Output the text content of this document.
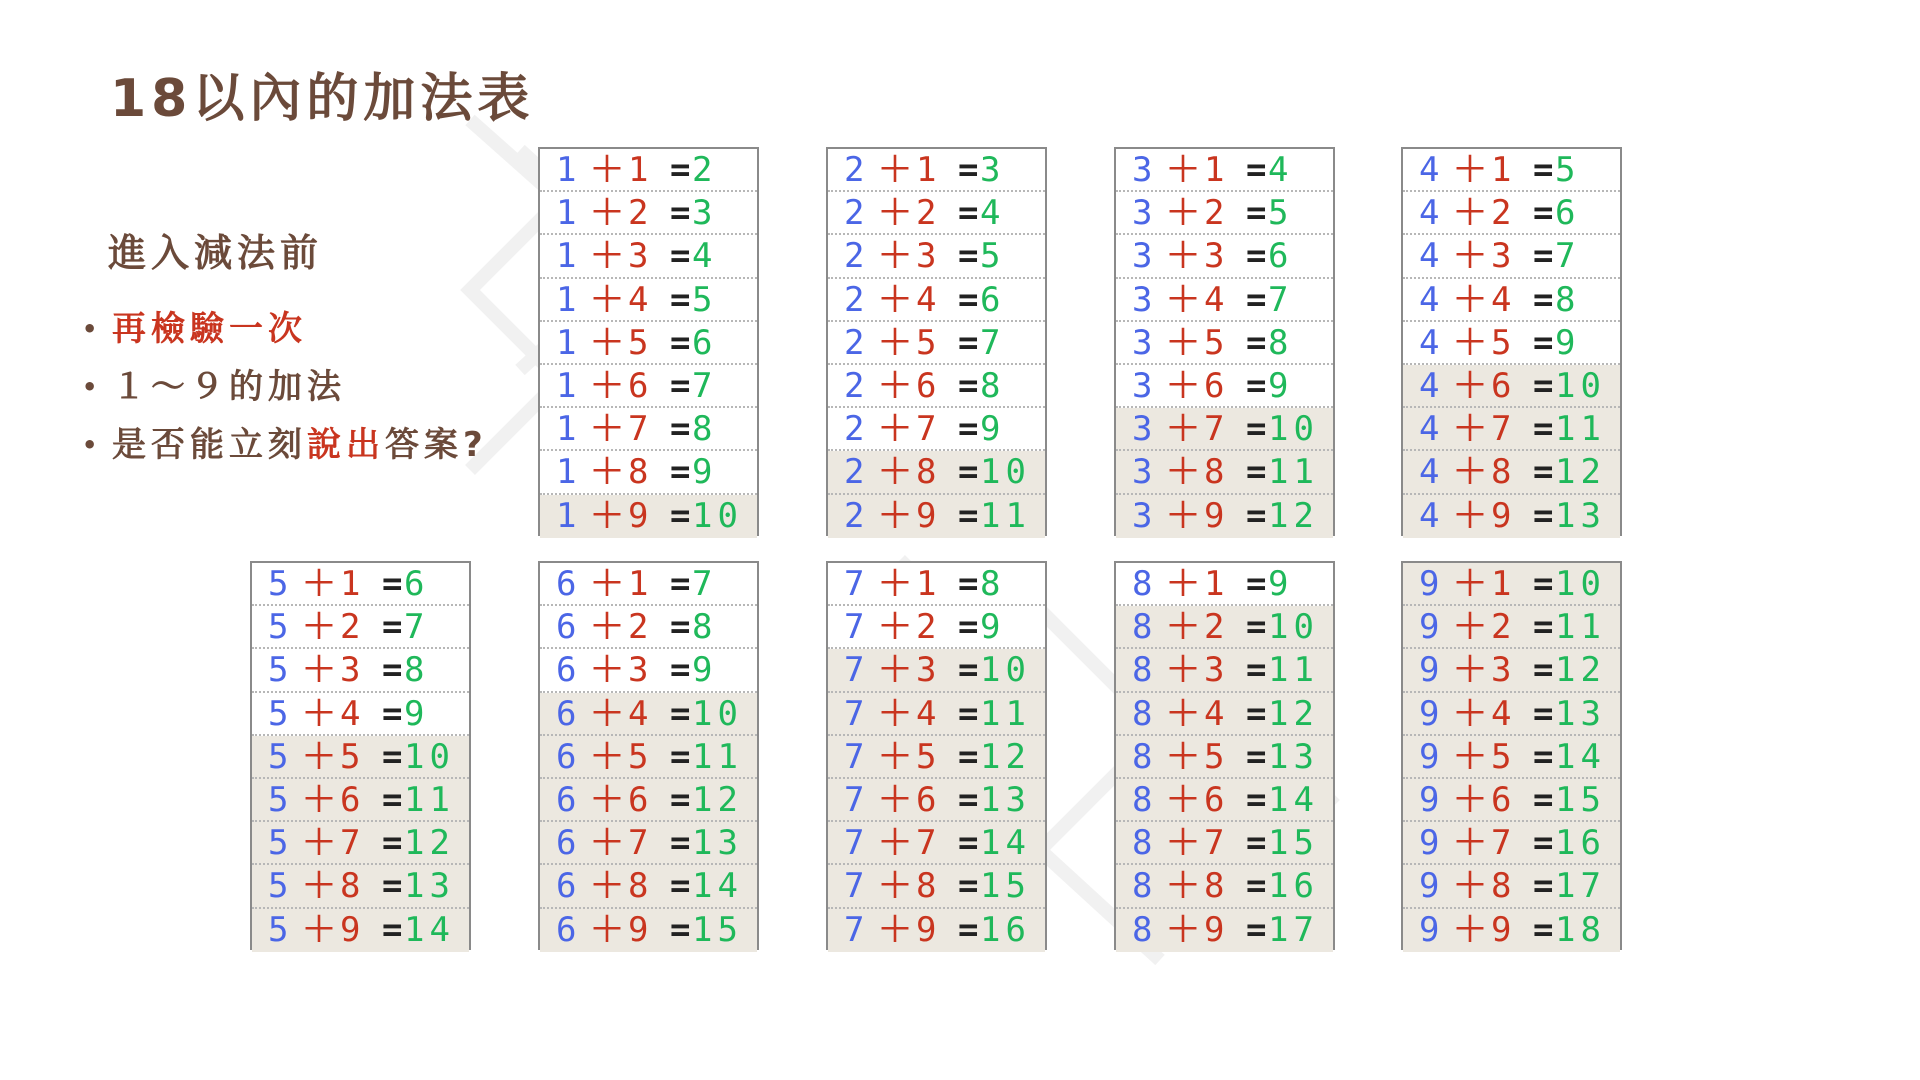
18以內的加法表
進入減法前
• 再檢驗一次
• １～９的加法
• 是否能立刻說出答案?
1 ＋ 1 = 2
1 ＋ 2 = 3
1 ＋ 3 = 4
1 ＋ 4 = 5
1 ＋ 5 = 6
1 ＋ 6 = 7
1 ＋ 7 = 8
1 ＋ 8 = 9
1 ＋ 9 = 10
2 ＋ 1 = 3
2 ＋ 2 = 4
2 ＋ 3 = 5
2 ＋ 4 = 6
2 ＋ 5 = 7
2 ＋ 6 = 8
2 ＋ 7 = 9
2 ＋ 8 = 10
2 ＋ 9 = 11
3 ＋ 1 = 4
3 ＋ 2 = 5
3 ＋ 3 = 6
3 ＋ 4 = 7
3 ＋ 5 = 8
3 ＋ 6 = 9
3 ＋ 7 = 10
3 ＋ 8 = 11
3 ＋ 9 = 12
4 ＋ 1 = 5
4 ＋ 2 = 6
4 ＋ 3 = 7
4 ＋ 4 = 8
4 ＋ 5 = 9
4 ＋ 6 = 10
4 ＋ 7 = 11
4 ＋ 8 = 12
4 ＋ 9 = 13
5 ＋ 1 = 6
5 ＋ 2 = 7
5 ＋ 3 = 8
5 ＋ 4 = 9
5 ＋ 5 = 10
5 ＋ 6 = 11
5 ＋ 7 = 12
5 ＋ 8 = 13
5 ＋ 9 = 14
6 ＋ 1 = 7
6 ＋ 2 = 8
6 ＋ 3 = 9
6 ＋ 4 = 10
6 ＋ 5 = 11
6 ＋ 6 = 12
6 ＋ 7 = 13
6 ＋ 8 = 14
6 ＋ 9 = 15
7 ＋ 1 = 8
7 ＋ 2 = 9
7 ＋ 3 = 10
7 ＋ 4 = 11
7 ＋ 5 = 12
7 ＋ 6 = 13
7 ＋ 7 = 14
7 ＋ 8 = 15
7 ＋ 9 = 16
8 ＋ 1 = 9
8 ＋ 2 = 10
8 ＋ 3 = 11
8 ＋ 4 = 12
8 ＋ 5 = 13
8 ＋ 6 = 14
8 ＋ 7 = 15
8 ＋ 8 = 16
8 ＋ 9 = 17
9 ＋ 1 = 10
9 ＋ 2 = 11
9 ＋ 3 = 12
9 ＋ 4 = 13
9 ＋ 5 = 14
9 ＋ 6 = 15
9 ＋ 7 = 16
9 ＋ 8 = 17
9 ＋ 9 = 18
